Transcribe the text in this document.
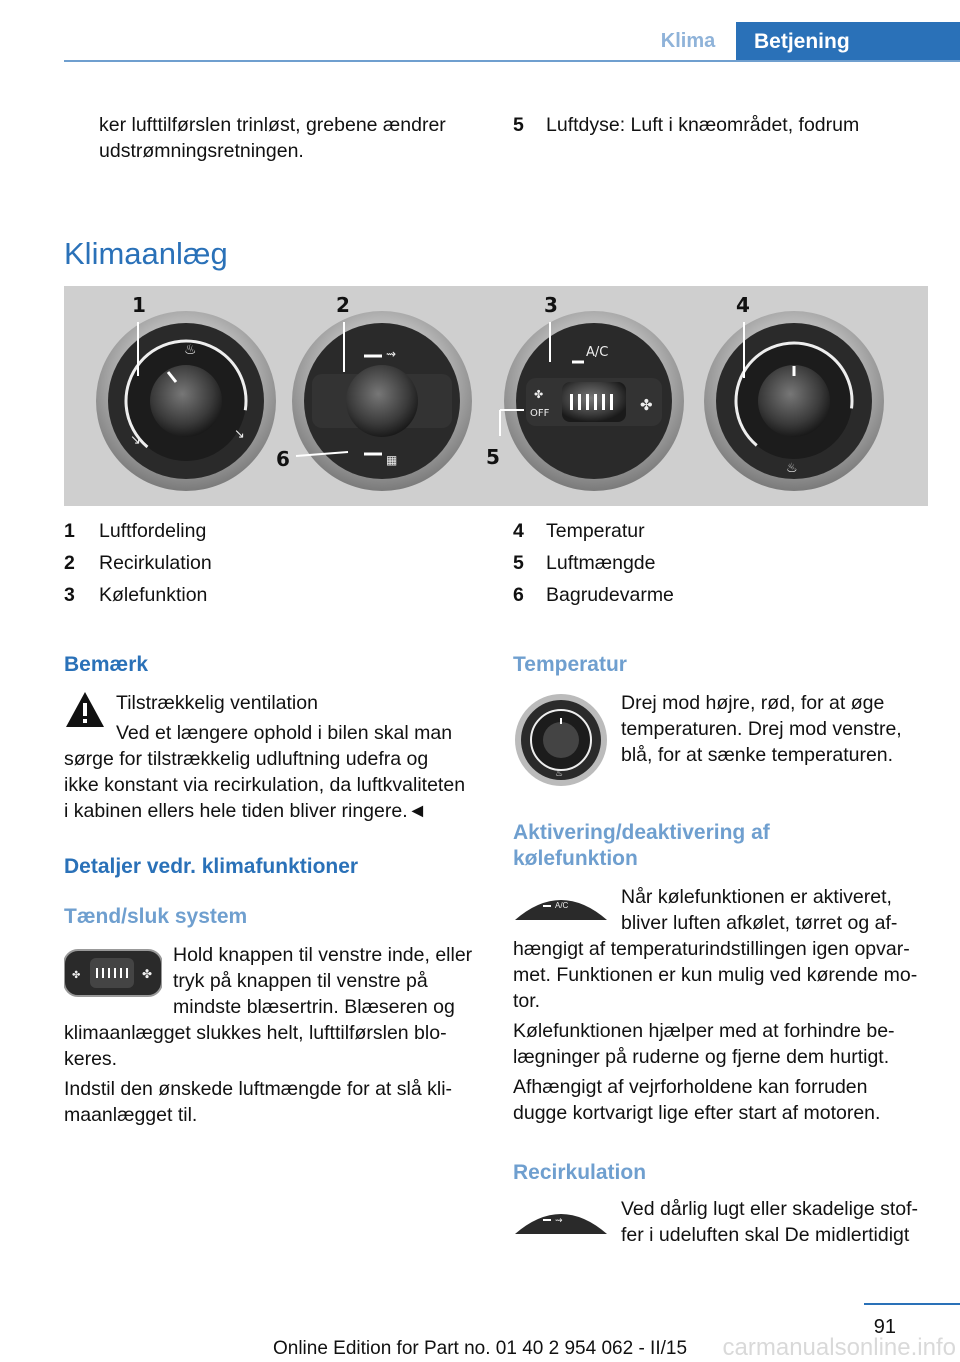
Klima	Betjening
ker lufttilførslen trinløst, grebene ændrer
udstrømningsretningen.
5 Luftdyse: Luft i knæområdet, fodrum
Klimaanlæg
♨
↘	↘
⇝
▦
A/C
✤
OFF	✤
♨
1	2	3	4
5
6
1 Luftfordeling
2 Recirkulation
3 Kølefunktion
4 Temperatur
5 Luftmængde
6 Bagrudevarme
Bemærk
Tilstrækkelig ventilation
Ved et længere ophold i bilen skal man
sørge for tilstrækkelig udluftning udefra og
ikke konstant via recirkulation, da luftkvaliteten
i kabinen ellers hele tiden bliver ringere.◄
Detaljer vedr. klimafunktioner
Tænd/sluk system
✤	✤
Hold knappen til venstre inde, eller
tryk på knappen til venstre på
mindste blæsertrin. Blæseren og
klimaanlægget slukkes helt, lufttilførslen blo-
keres.
Indstil den ønskede luftmængde for at slå kli-
maanlægget til.
Temperatur
♨
Drej mod højre, rød, for at øge
temperaturen. Drej mod venstre,
blå, for at sænke temperaturen.
Aktivering/deaktivering af
kølefunktion
A/C	Når kølefunktionen er aktiveret,
bliver luften afkølet, tørret og af-
hængigt af temperaturindstillingen igen opvar-
met. Funktionen er kun mulig ved kørende mo-
tor.
Kølefunktionen hjælper med at forhindre be-
lægninger på ruderne og fjerne dem hurtigt.
Afhængigt af vejrforholdene kan forruden
dugge kortvarigt lige efter start af motoren.
Recirkulation
⇝	Ved dårlig lugt eller skadelige stof-
fer i udeluften skal De midlertidigt
91
Online Edition for Part no. 01 40 2 954 062 - II/15	carmanualsonline.info
